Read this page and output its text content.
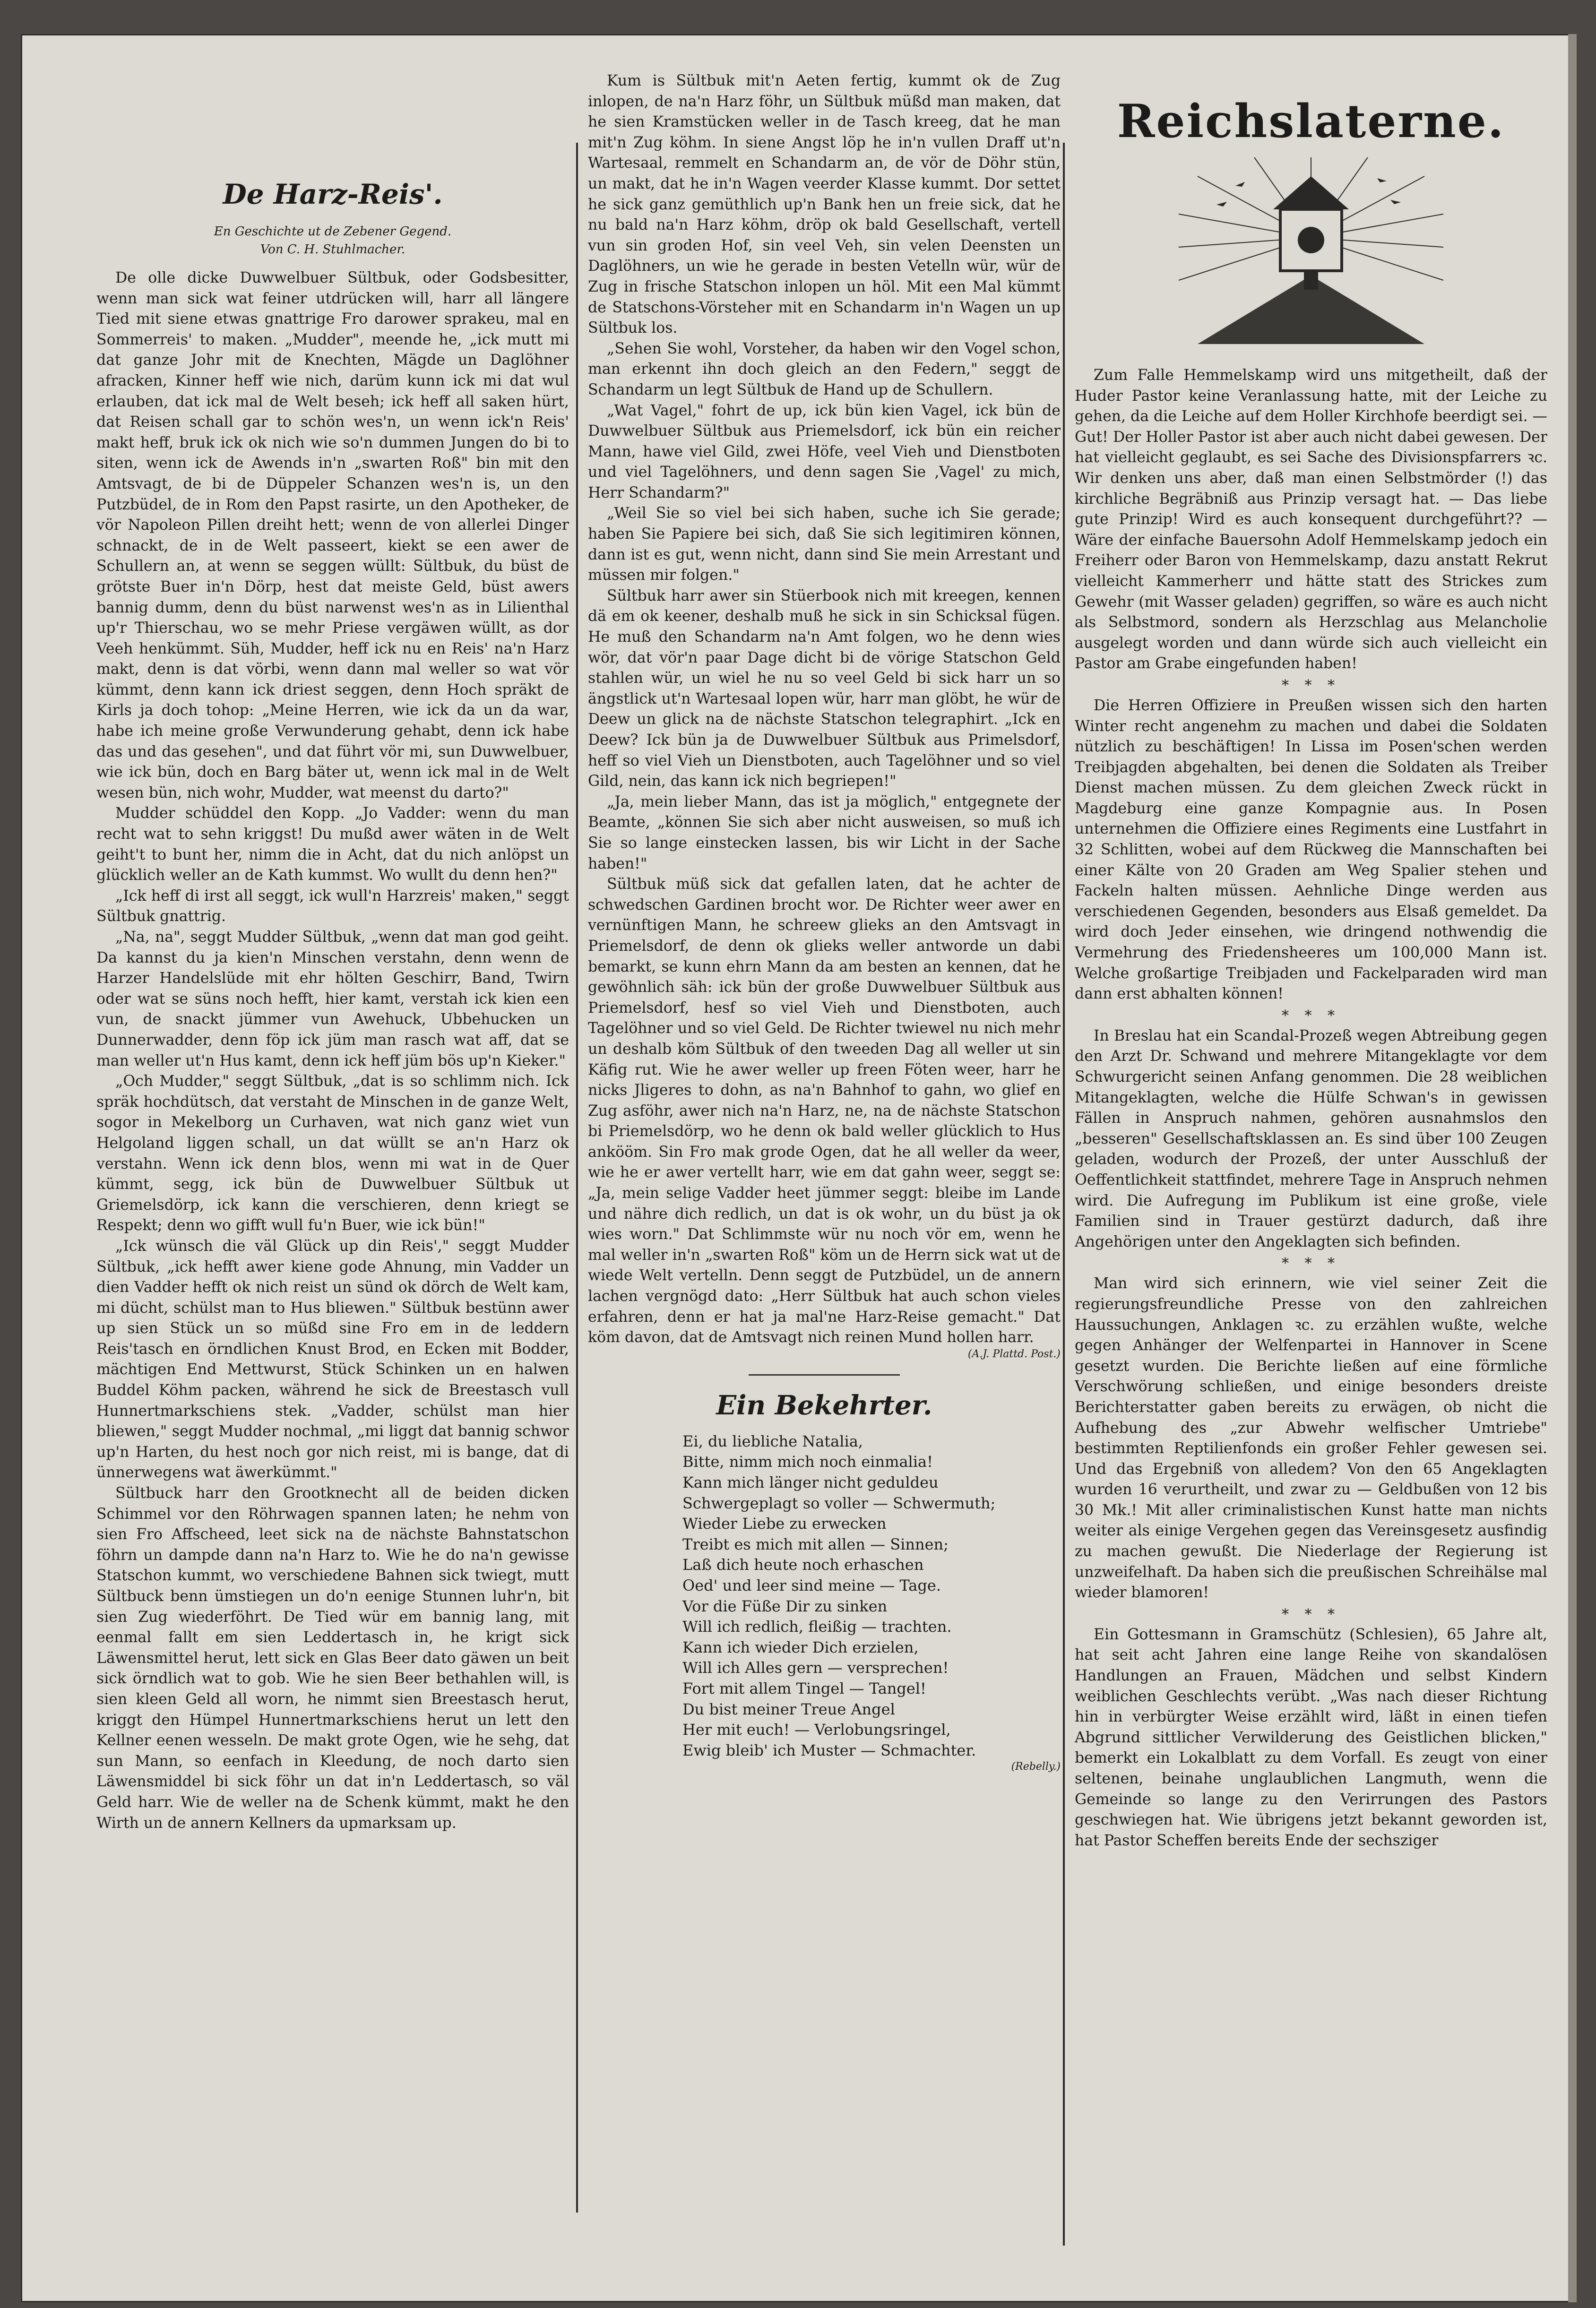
De Harz-Reis'.
En Geschichte ut de Zebener Gegend.
Von C. H. Stuhlmacher.

De olle dicke Duwwelbuer Sültbuk, oder Godsbesitter, wenn man sick wat feiner utdrücken will, harr all längere Tied mit siene etwas gnattrige Fro darower sprakeu, mal en Sommerreis' to maken. „Mudder", meende he, „ick mutt mi dat ganze Johr mit de Knechten, Mägde un Daglöhner afracken, Kinner heff wie nich, darüm kunn ick mi dat wul erlauben, dat ick mal de Welt beseh; ick heff all saken hürt, dat Reisen schall gar to schön wes'n, un wenn ick'n Reis' makt heff, bruk ick ok nich wie so'n dummen Jungen do bi to siten, wenn ick de Awends in'n „swarten Roß" bin mit den Amtsvagt, de bi de Düppeler Schanzen wes'n is, un den Putzbüdel, de in Rom den Papst rasirte, un den Apotheker, de vör Napoleon Pillen dreiht hett; wenn de von allerlei Dinger schnackt, de in de Welt passeert, kiekt se een awer de Schullern an, at wenn se seggen wüllt: Sültbuk, du büst de grötste Buer in'n Dörp, hest dat meiste Geld, büst awers bannig dumm, denn du büst narwenst wes'n as in Lilienthal up'r Thierschau, wo se mehr Priese vergäwen wüllt, as dor Veeh henkümmt. Süh, Mudder, heff ick nu en Reis' na'n Harz makt, denn is dat vörbi, wenn dann mal weller so wat vör kümmt, denn kann ick driest seggen, denn Hoch spräkt de Kirls ja doch tohop: „Meine Herren, wie ick da un da war, habe ich meine große Verwunderung gehabt, denn ick habe das und das gesehen", und dat führt vör mi, sun Duwwelbuer, wie ick bün, doch en Barg bäter ut, wenn ick mal in de Welt wesen bün, nich wohr, Mudder, wat meenst du darto?"

Mudder schüddel den Kopp. „Jo Vadder: wenn du man recht wat to sehn kriggst! Du mußd awer wäten in de Welt geiht't to bunt her, nimm die in Acht, dat du nich anlöpst un glücklich weller an de Kath kummst. Wo wullt du denn hen?"

„Ick heff di irst all seggt, ick wull'n Harzreis' maken," seggt Sültbuk gnattrig.

„Na, na", seggt Mudder Sültbuk, „wenn dat man god geiht. Da kannst du ja kien'n Minschen verstahn, denn wenn de Harzer Handelslüde mit ehr hölten Geschirr, Band, Twirn oder wat se süns noch hefft, hier kamt, verstah ick kien een vun, de snackt jümmer vun Awehuck, Ubbehucken un Dunnerwadder, denn föp ick jüm man rasch wat aff, dat se man weller ut'n Hus kamt, denn ick heff jüm bös up'n Kieker."

„Och Mudder," seggt Sültbuk, „dat is so schlimm nich. Ick spräk hochdütsch, dat verstaht de Minschen in de ganze Welt, sogor in Mekelborg un Curhaven, wat nich ganz wiet vun Helgoland liggen schall, un dat wüllt se an'n Harz ok verstahn. Wenn ick denn blos, wenn mi wat in de Quer kümmt, segg, ick bün de Duwwelbuer Sültbuk ut Griemelsdörp, ick kann die verschieren, denn kriegt se Respekt; denn wo gifft wull fu'n Buer, wie ick bün!"

„Ick wünsch die väl Glück up din Reis'," seggt Mudder Sültbuk, „ick hefft awer kiene gode Ahnung, min Vadder un dien Vadder hefft ok nich reist un sünd ok dörch de Welt kam, mi dücht, schülst man to Hus bliewen." Sültbuk bestünn awer up sien Stück un so müßd sine Fro em in de leddern Reis'tasch en örndlichen Knust Brod, en Ecken mit Bodder, mächtigen End Mettwurst, Stück Schinken un en halwen Buddel Köhm packen, während he sick de Breestasch vull Hunnertmarkschiens stek. „Vadder, schülst man hier bliewen," seggt Mudder nochmal, „mi liggt dat bannig schwor up'n Harten, du hest noch gor nich reist, mi is bange, dat di ünnerwegens wat äwerkümmt."

Sültbuck harr den Grootknecht all de beiden dicken Schimmel vor den Röhrwagen spannen laten; he nehm von sien Fro Affscheed, leet sick na de nächste Bahnstatschon föhrn un dampde dann na'n Harz to. Wie he do na'n gewisse Statschon kummt, wo verschiedene Bahnen sick twiegt, mutt Sültbuck benn ümstiegen un do'n eenige Stunnen luhr'n, bit sien Zug wiederföhrt. De Tied wür em bannig lang, mit eenmal fallt em sien Leddertasch in, he krigt sick Läwensmittel herut, lett sick en Glas Beer dato gäwen un beit sick örndlich wat to gob. Wie he sien Beer bethahlen will, is sien kleen Geld all worn, he nimmt sien Breestasch herut, kriggt den Hümpel Hunnertmarkschiens herut un lett den Kellner eenen wesseln. De makt grote Ogen, wie he sehg, dat sun Mann, so eenfach in Kleedung, de noch darto sien Läwensmiddel bi sick föhr un dat in'n Leddertasch, so väl Geld harr. Wie de weller na de Schenk kümmt, makt he den Wirth un de annern Kellners da upmarksam up.

Kum is Sültbuk mit'n Aeten fertig, kummt ok de Zug inlopen, de na'n Harz föhr, un Sültbuk müßd man maken, dat he sien Kramstücken weller in de Tasch kreeg, dat he man mit'n Zug köhm. In siene Angst löp he in'n vullen Draff ut'n Wartesaal, remmelt en Schandarm an, de vör de Döhr stün, un makt, dat he in'n Wagen veerder Klasse kummt. Dor settet he sick ganz gemüthlich up'n Bank hen un freie sick, dat he nu bald na'n Harz köhm, dröp ok bald Gesellschaft, vertell vun sin groden Hof, sin veel Veh, sin velen Deensten un Daglöhners, un wie he gerade in besten Vetelln wür, wür de Zug in frische Statschon inlopen un höl. Mit een Mal kümmt de Statschons-Vörsteher mit en Schandarm in'n Wagen un up Sültbuk los.

„Sehen Sie wohl, Vorsteher, da haben wir den Vogel schon, man erkennt ihn doch gleich an den Federn," seggt de Schandarm un legt Sültbuk de Hand up de Schullern.

„Wat Vagel," fohrt de up, ick bün kien Vagel, ick bün de Duwwelbuer Sültbuk aus Priemelsdorf, ick bün ein reicher Mann, hawe viel Gild, zwei Höfe, veel Vieh und Dienstboten und viel Tagelöhners, und denn sagen Sie ‚Vagel' zu mich, Herr Schandarm?"

„Weil Sie so viel bei sich haben, suche ich Sie gerade; haben Sie Papiere bei sich, daß Sie sich legitimiren können, dann ist es gut, wenn nicht, dann sind Sie mein Arrestant und müssen mir folgen."

Sültbuk harr awer sin Stüerbook nich mit kreegen, kennen dä em ok keener, deshalb muß he sick in sin Schicksal fügen. He muß den Schandarm na'n Amt folgen, wo he denn wies wör, dat vör'n paar Dage dicht bi de vörige Statschon Geld stahlen wür, un wiel he nu so veel Geld bi sick harr un so ängstlick ut'n Wartesaal lopen wür, harr man glöbt, he wür de Deew un glick na de nächste Statschon telegraphirt. „Ick en Deew? Ick bün ja de Duwwelbuer Sültbuk aus Primelsdorf, heff so viel Vieh un Dienstboten, auch Tagelöhner und so viel Gild, nein, das kann ick nich begriepen!"

„Ja, mein lieber Mann, das ist ja möglich," entgegnete der Beamte, „können Sie sich aber nicht ausweisen, so muß ich Sie so lange einstecken lassen, bis wir Licht in der Sache haben!"

Sültbuk müß sick dat gefallen laten, dat he achter de schwedschen Gardinen brocht wor. De Richter weer awer en vernünftigen Mann, he schreew glieks an den Amtsvagt in Priemelsdorf, de denn ok glieks weller antworde un dabi bemarkt, se kunn ehrn Mann da am besten an kennen, dat he gewöhnlich säh: ick bün der große Duwwelbuer Sültbuk aus Priemelsdorf, hesf so viel Vieh und Dienstboten, auch Tagelöhner und so viel Geld. De Richter twiewel nu nich mehr un deshalb köm Sültbuk of den tweeden Dag all weller ut sin Käfig rut. Wie he awer weller up freen Föten weer, harr he nicks Jligeres to dohn, as na'n Bahnhof to gahn, wo glief en Zug asföhr, awer nich na'n Harz, ne, na de nächste Statschon bi Priemelsdörp, wo he denn ok bald weller glücklich to Hus ankööm. Sin Fro mak grode Ogen, dat he all weller da weer, wie he er awer vertellt harr, wie em dat gahn weer, seggt se: „Ja, mein selige Vadder heet jümmer seggt: bleibe im Lande und nähre dich redlich, un dat is ok wohr, un du büst ja ok wies worn." Dat Schlimmste wür nu noch vör em, wenn he mal weller in'n „swarten Roß" köm un de Herrn sick wat ut de wiede Welt vertelln. Denn seggt de Putzbüdel, un de annern lachen vergnögd dato: „Herr Sültbuk hat auch schon vieles erfahren, denn er hat ja mal'ne Harz-Reise gemacht." Dat köm davon, dat de Amtsvagt nich reinen Mund hollen harr.

(A.J. Plattd. Post.)
Ein Bekehrter.
Ei, du liebliche Natalia,
Bitte, nimm mich noch einmalia!
Kann mich länger nicht geduldeu
Schwergeplagt so voller — Schwermuth;
Wieder Liebe zu erwecken
Treibt es mich mit allen — Sinnen;
Laß dich heute noch erhaschen
Oed' und leer sind meine — Tage.
Vor die Füße Dir zu sinken
Will ich redlich, fleißig — trachten.
Kann ich wieder Dich erzielen,
Will ich Alles gern — versprechen!
Fort mit allem Tingel — Tangel!
Du bist meiner Treue Angel
Her mit euch! — Verlobungsringel,
Ewig bleib' ich Muster — Schmachter.
(Rebelly.)
Reichslaterne.

Zum Falle Hemmelskamp wird uns mitgetheilt, daß der Huder Pastor keine Veranlassung hatte, mit der Leiche zu gehen, da die Leiche auf dem Holler Kirchhofe beerdigt sei. — Gut! Der Holler Pastor ist aber auch nicht dabei gewesen. Der hat vielleicht geglaubt, es sei Sache des Divisionspfarrers ꝛc. Wir denken uns aber, daß man einen Selbstmörder (!) das kirchliche Begräbniß aus Prinzip versagt hat. — Das liebe gute Prinzip! Wird es auch konsequent durchgeführt?? — Wäre der einfache Bauersohn Adolf Hemmelskamp jedoch ein Freiherr oder Baron von Hemmelskamp, dazu anstatt Rekrut vielleicht Kammerherr und hätte statt des Strickes zum Gewehr (mit Wasser geladen) gegriffen, so wäre es auch nicht als Selbstmord, sondern als Herzschlag aus Melancholie ausgelegt worden und dann würde sich auch vielleicht ein Pastor am Grabe eingefunden haben!

* * *

Die Herren Offiziere in Preußen wissen sich den harten Winter recht angenehm zu machen und dabei die Soldaten nützlich zu beschäftigen! In Lissa im Posen'schen werden Treibjagden abgehalten, bei denen die Soldaten als Treiber Dienst machen müssen. Zu dem gleichen Zweck rückt in Magdeburg eine ganze Kompagnie aus. In Posen unternehmen die Offiziere eines Regiments eine Lustfahrt in 32 Schlitten, wobei auf dem Rückweg die Mannschaften bei einer Kälte von 20 Graden am Weg Spalier stehen und Fackeln halten müssen. Aehnliche Dinge werden aus verschiedenen Gegenden, besonders aus Elsaß gemeldet. Da wird doch Jeder einsehen, wie dringend nothwendig die Vermehrung des Friedensheeres um 100,000 Mann ist. Welche großartige Treibjaden und Fackelparaden wird man dann erst abhalten können!

* * *

In Breslau hat ein Scandal-Prozeß wegen Abtreibung gegen den Arzt Dr. Schwand und mehrere Mitangeklagte vor dem Schwurgericht seinen Anfang genommen. Die 28 weiblichen Mitangeklagten, welche die Hülfe Schwan's in gewissen Fällen in Anspruch nahmen, gehören ausnahmslos den „besseren" Gesellschaftsklassen an. Es sind über 100 Zeugen geladen, wodurch der Prozeß, der unter Ausschluß der Oeffentlichkeit stattfindet, mehrere Tage in Anspruch nehmen wird. Die Aufregung im Publikum ist eine große, viele Familien sind in Trauer gestürzt dadurch, daß ihre Angehörigen unter den Angeklagten sich befinden.

* * *

Man wird sich erinnern, wie viel seiner Zeit die regierungsfreundliche Presse von den zahlreichen Haussuchungen, Anklagen ꝛc. zu erzählen wußte, welche gegen Anhänger der Welfenpartei in Hannover in Scene gesetzt wurden. Die Berichte ließen auf eine förmliche Verschwörung schließen, und einige besonders dreiste Berichterstatter gaben bereits zu erwägen, ob nicht die Aufhebung des „zur Abwehr welfischer Umtriebe" bestimmten Reptilienfonds ein großer Fehler gewesen sei. Und das Ergebniß von alledem? Von den 65 Angeklagten wurden 16 verurtheilt, und zwar zu — Geldbußen von 12 bis 30 Mk.! Mit aller criminalistischen Kunst hatte man nichts weiter als einige Vergehen gegen das Vereinsgesetz ausfindig zu machen gewußt. Die Niederlage der Regierung ist unzweifelhaft. Da haben sich die preußischen Schreihälse mal wieder blamoren!

* * *

Ein Gottesmann in Gramschütz (Schlesien), 65 Jahre alt, hat seit acht Jahren eine lange Reihe von skandalösen Handlungen an Frauen, Mädchen und selbst Kindern weiblichen Geschlechts verübt. „Was nach dieser Richtung hin in verbürgter Weise erzählt wird, läßt in einen tiefen Abgrund sittlicher Verwilderung des Geistlichen blicken," bemerkt ein Lokalblatt zu dem Vorfall. Es zeugt von einer seltenen, beinahe unglaublichen Langmuth, wenn die Gemeinde so lange zu den Verirrungen des Pastors geschwiegen hat. Wie übrigens jetzt bekannt geworden ist, hat Pastor Scheffen bereits Ende der sechsziger
